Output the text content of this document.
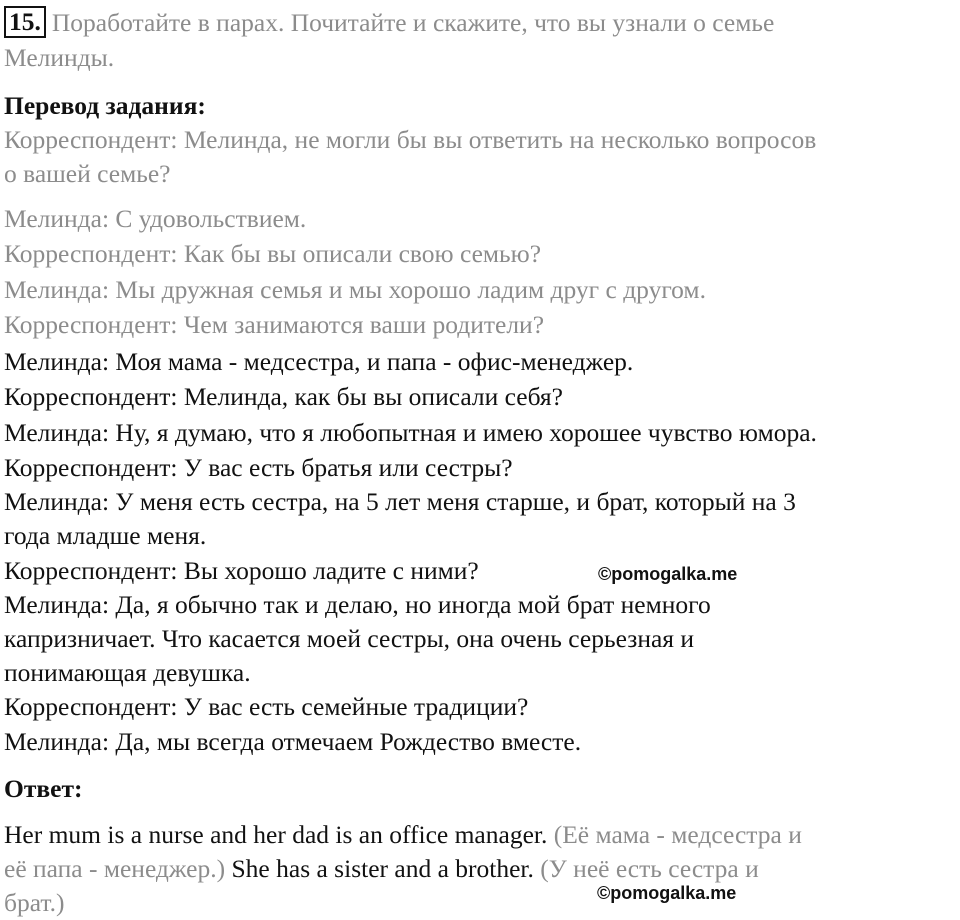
15. Поработайте в парах. Почитайте и скажите, что вы узнали о семье
Мелинды.
Перевод задания:
Корреспондент: Мелинда, не могли бы вы ответить на несколько вопросов
о вашей семье?
Мелинда: С удовольствием.
Корреспондент: Как бы вы описали свою семью?
Мелинда: Мы дружная семья и мы хорошо ладим друг с другом.
Корреспондент: Чем занимаются ваши родители?
Мелинда: Моя мама - медсестра, и папа - офис-менеджер.
Корреспондент: Мелинда, как бы вы описали себя?
Мелинда: Ну, я думаю, что я любопытная и имею хорошее чувство юмора.
Корреспондент: У вас есть братья или сестры?
Мелинда: У меня есть сестра, на 5 лет меня старше, и брат, который на 3
года младше меня.
Корреспондент: Вы хорошо ладите с ними?
Мелинда: Да, я обычно так и делаю, но иногда мой брат немного
капризничает. Что касается моей сестры, она очень серьезная и
понимающая девушка.
Корреспондент: У вас есть семейные традиции?
Мелинда: Да, мы всегда отмечаем Рождество вместе.
©pomogalka.me
Ответ:
Her mum is a nurse and her dad is an office manager. (Её мама - медсестра и
её папа - менеджер.) She has a sister and a brother. (У неё есть сестра и
брат.)	©pomogalka.me
